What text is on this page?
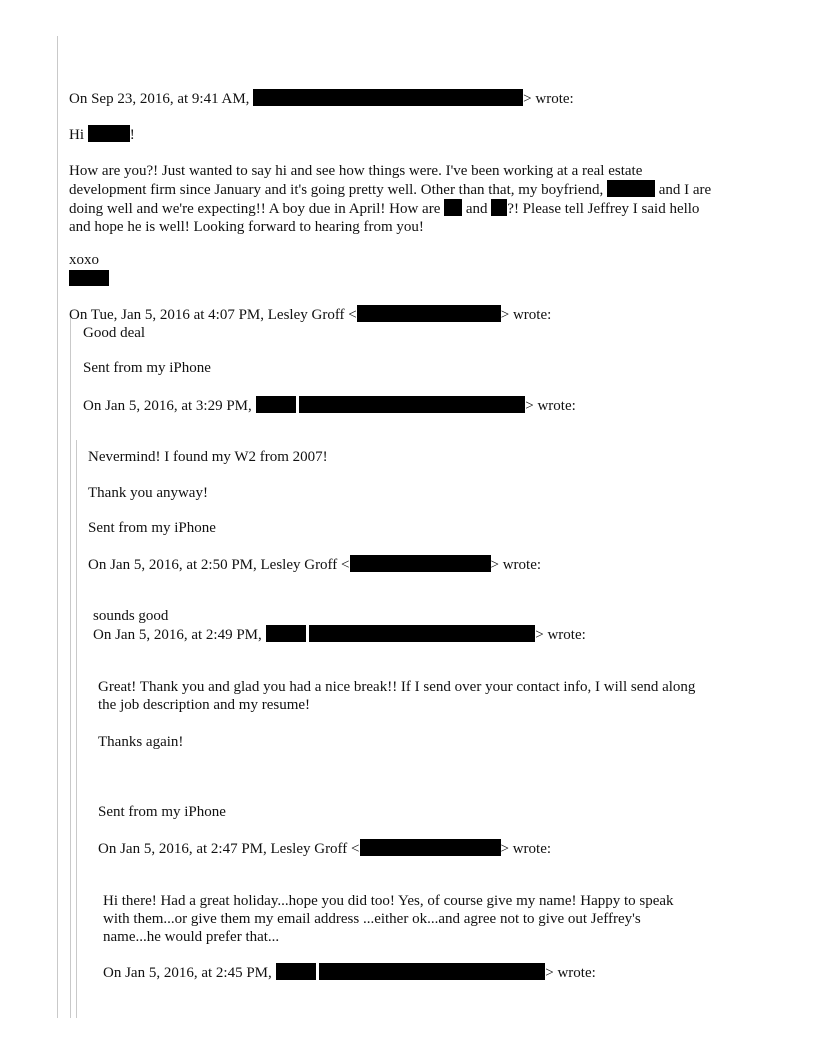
On Sep 23, 2016, at 9:41 AM,	> wrote:
Hi	!
How are you?! Just wanted to say hi and see how things were. I've been working at a real estate
development firm since January and it's going pretty well. Other than that, my boyfriend,	and I are
doing well and we're expecting!! A boy due in April! How are and ?! Please tell Jeffrey I said hello
and hope he is well! Looking forward to hearing from you!
xoxo
On Tue, Jan 5, 2016 at 4:07 PM, Lesley Groff <	> wrote:
Good deal
Sent from my iPhone
On Jan 5, 2016, at 3:29 PM,	> wrote:
Nevermind! I found my W2 from 2007!
Thank you anyway!
Sent from my iPhone
On Jan 5, 2016, at 2:50 PM, Lesley Groff <	> wrote:
sounds good
On Jan 5, 2016, at 2:49 PM,	> wrote:
Great! Thank you and glad you had a nice break!! If I send over your contact info, I will send along
the job description and my resume!
Thanks again!
Sent from my iPhone
On Jan 5, 2016, at 2:47 PM, Lesley Groff <	> wrote:
Hi there! Had a great holiday...hope you did too! Yes, of course give my name! Happy to speak
with them...or give them my email address ...either ok...and agree not to give out Jeffrey's
name...he would prefer that...
On Jan 5, 2016, at 2:45 PM,	> wrote:
